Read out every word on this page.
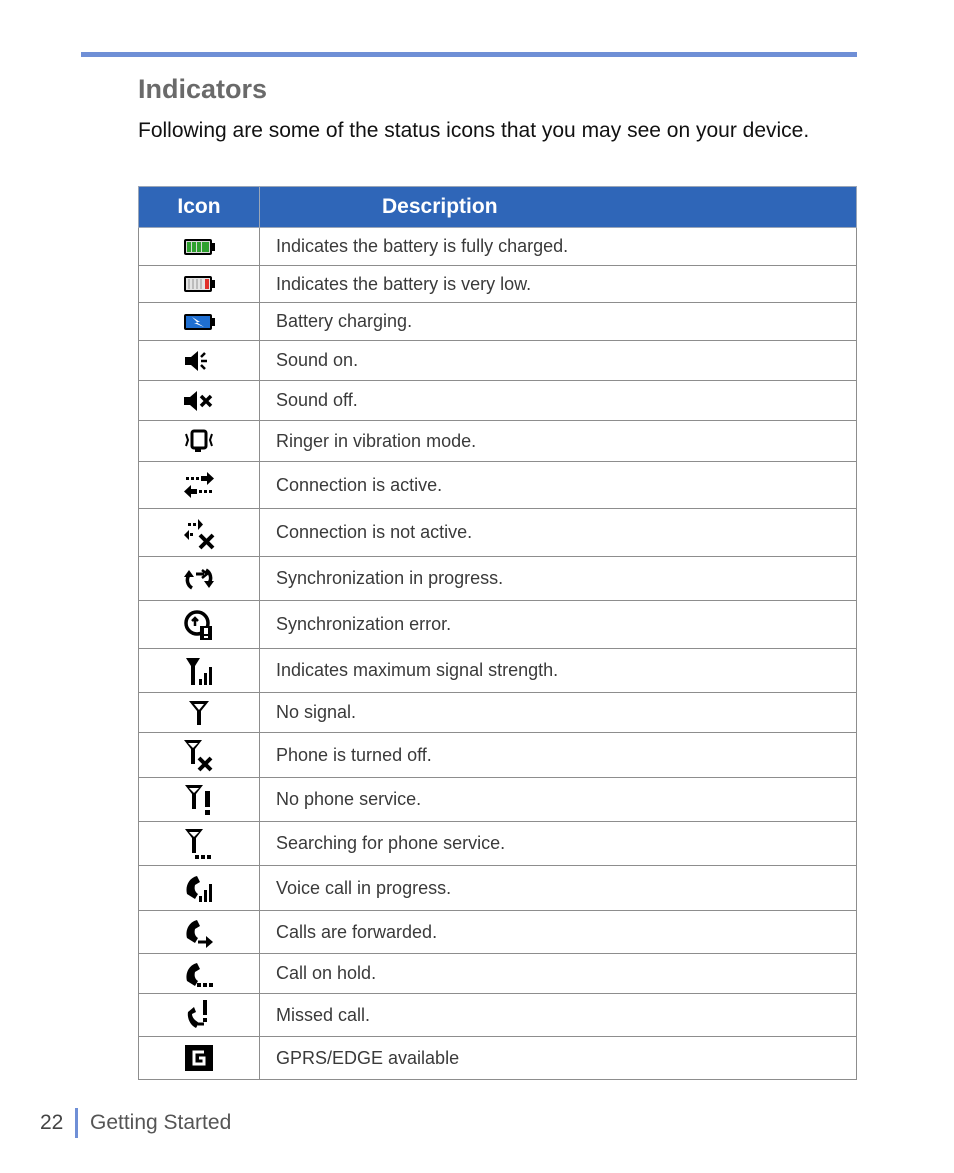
Indicators

Following are some of the status icons that you may see on your device.

Icon	Description

	Indicates the battery is fully charged.

	Indicates the battery is very low.

	Battery charging.

	Sound on.

	Sound off.

	Ringer in vibration mode.

	Connection is active.

	Connection is not active.

	Synchronization in progress.

	Synchronization error.

	Indicates maximum signal strength.

	No signal.

	Phone is turned off.

	No phone service.

	Searching for phone service.

	Voice call in progress.

	Calls are forwarded.

	Call on hold.

	Missed call.

	GPRS/EDGE available
22 Getting Started
